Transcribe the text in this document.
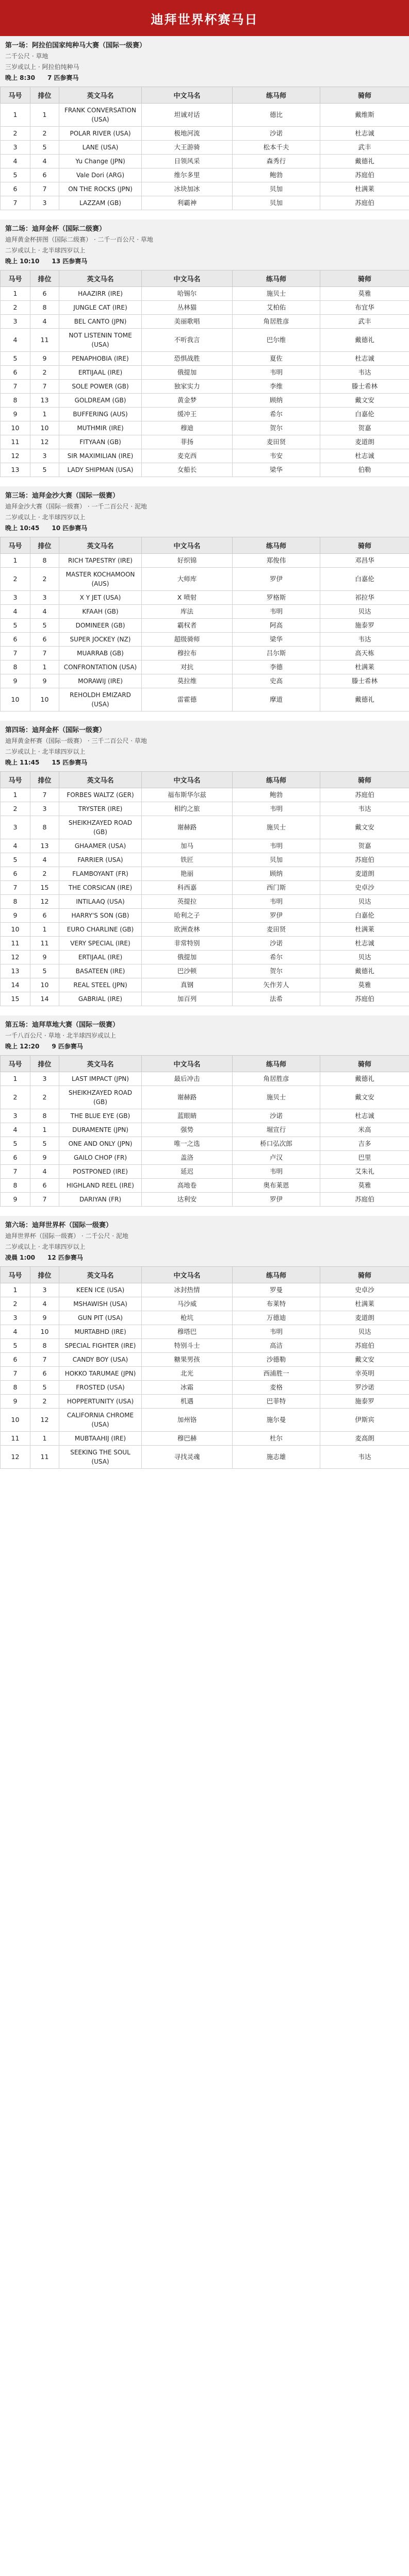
迪拜世界杯赛马日
第一场：阿拉伯国家纯种马大赛（国际一级赛）
二千公尺 · 草地
三岁或以上 · 阿拉伯纯种马
晚上 8:30 7 匹参赛马
马号	排位	英文马名	中文马名	练马师	骑师
1	1	FRANK CONVERSATION (USA)	坦诚对话	德比	戴维斯
2	2	POLAR RIVER (USA)	极地河流	沙诺	杜志诚
3	5	LANE (USA)	大王游骑	松本千夫	武丰
4	4	Yu Change (JPN)	日领风采	森秀行	戴德礼
5	6	Vale Dori (ARG)	维尔多里	鲍勃	苏庭伯
6	7	ON THE ROCKS (JPN)	冰块加冰	贝加	杜满莱
7	3	LAZZAM (GB)	利霸神	贝加	苏庭伯
第二场：迪拜金杯（国际二级赛）
迪拜黄金杯拼图（国际二级赛） · 二千一百公尺 · 草地
二岁或以上 · 北半球四岁以上
晚上 10:10 13 匹参赛马
马号	排位	英文马名	中文马名	练马师	骑师
1	6	HAAZIRR (IRE)	哈锡尔	施贝士	莫雅
2	8	JUNGLE CAT (IRE)	丛林猫	艾柏佑	布宜华
3	4	BEL CANTO (JPN)	美丽歌唱	角居胜彦	武丰
4	11	NOT LISTENIN TOME (USA)	不听我言	巴尔维	戴德礼
5	9	PENAPHOBIA (IRE)	恐惧战胜	夏佐	杜志诚
6	2	ERTIJAAL (IRE)	俄提加	韦明	韦达
7	7	SOLE POWER (GB)	独家实力	李维	滕士希林
8	13	GOLDREAM (GB)	黄金梦	顾纳	戴文安
9	1	BUFFERING (AUS)	缓冲王	希尔	白嘉伦
10	10	MUTHMIR (IRE)	穆迪	贺尔	贺嘉
11	12	FITYAAN (GB)	菲扬	麦田贤	麦道朗
12	3	SIR MAXIMILIAN (IRE)	麦克西	韦安	杜志诚
13	5	LADY SHIPMAN (USA)	女船长	梁华	伯勒
第三场：迪拜金沙大赛（国际一级赛）
迪拜金沙大赛（国际一级赛） · 一千二百公尺 · 泥地
二岁或以上 · 北半球四岁以上
晚上 10:45 10 匹参赛马
马号	排位	英文马名	中文马名	练马师	骑师
1	8	RICH TAPESTRY (IRE)	好织锦	郑俊伟	邓昌华
2	2	MASTER KOCHAMOON (AUS)	大师库	罗伊	白嘉伦
3	3	X Y JET (USA)	X 喷射	罗格斯	祁拉华
4	4	KFAAH (GB)	库法	韦明	贝达
5	5	DOMINEER (GB)	霸权者	阿高	施泰罗
6	6	SUPER JOCKEY (NZ)	超级骑师	梁华	韦达
7	7	MUARRAB (GB)	穆拉布	吕尔斯	高天栋
8	1	CONFRONTATION (USA)	对抗	李德	杜满莱
9	9	MORAWIJ (IRE)	莫拉维	史高	滕士希林
10	10	REHOLDH EMIZARD (USA)	雷霍德	摩道	戴德礼
第四场：迪拜金杯（国际一级赛）
迪拜黄金杯赛（国际一级赛） · 三千二百公尺 · 草地
二岁或以上 · 北半球四岁以上
晚上 11:45 15 匹参赛马
马号	排位	英文马名	中文马名	练马师	骑师
1	7	FORBES WALTZ (GER)	福布斯华尔兹	鲍勃	苏庭伯
2	3	TRYSTER (IRE)	相约之旅	韦明	韦达
3	8	SHEIKHZAYED ROAD (GB)	谢赫路	施贝士	戴文安
4	13	GHAAMER (USA)	加马	韦明	贺嘉
5	4	FARRIER (USA)	铁匠	贝加	苏庭伯
6	2	FLAMBOYANT (FR)	艳丽	顾纳	麦道朗
7	15	THE CORSICAN (IRE)	科西嘉	西门斯	史卓沙
8	12	INTILAAQ (USA)	英提拉	韦明	贝达
9	6	HARRY'S SON (GB)	哈利之子	罗伊	白嘉伦
10	1	EURO CHARLINE (GB)	欧洲查林	麦田贤	杜满莱
11	11	VERY SPECIAL (IRE)	非常特别	沙诺	杜志诚
12	9	ERTIJAAL (IRE)	俄提加	希尔	贝达
13	5	BASATEEN (IRE)	巴沙顿	贺尔	戴德礼
14	10	REAL STEEL (JPN)	真钢	矢作芳人	莫雅
15	14	GABRIAL (IRE)	加百列	法希	苏庭伯
第五场：迪拜草地大赛（国际一级赛）
一千八百公尺 · 草地 · 北半球四岁或以上
晚上 12:20 9 匹参赛马
马号	排位	英文马名	中文马名	练马师	骑师
1	3	LAST IMPACT (JPN)	最后冲击	角居胜彦	戴德礼
2	2	SHEIKHZAYED ROAD (GB)	谢赫路	施贝士	戴文安
3	8	THE BLUE EYE (GB)	蓝眼睛	沙诺	杜志诚
4	1	DURAMENTE (JPN)	强势	堀宣行	米高
5	5	ONE AND ONLY (JPN)	唯一之选	桥口弘次郎	吉多
6	9	GAILO CHOP (FR)	盖洛	卢汉	巴里
7	4	POSTPONED (IRE)	延迟	韦明	艾朱礼
8	6	HIGHLAND REEL (IRE)	高地卷	奥布莱恩	莫雅
9	7	DARIYAN (FR)	达利安	罗伊	苏庭伯
第六场：迪拜世界杯（国际一级赛）
迪拜世界杯（国际一级赛） · 二千公尺 · 泥地
二岁或以上 · 北半球四岁以上
凌晨 1:00 12 匹参赛马
马号	排位	英文马名	中文马名	练马师	骑师
1	3	KEEN ICE (USA)	冰封热情	罗曼	史卓沙
2	4	MSHAWISH (USA)	马沙威	布莱特	杜满莱
3	9	GUN PIT (USA)	枪坑	万德迪	麦道朗
4	10	MURTABHD (IRE)	穆塔巴	韦明	贝达
5	8	SPECIAL FIGHTER (IRE)	特别斗士	高洁	苏庭伯
6	7	CANDY BOY (USA)	糖果男孩	沙德勒	戴文安
7	6	HOKKO TARUMAE (JPN)	北光	西浦胜一	幸英明
8	5	FROSTED (USA)	冰霜	麦格	罗沙诺
9	2	HOPPERTUNITY (USA)	机遇	巴菲特	施泰罗
10	12	CALIFORNIA CHROME (USA)	加州铬	施尔曼	伊斯宾
11	1	MUBTAAHIJ (IRE)	穆巴赫	杜尔	麦高朗
12	11	SEEKING THE SOUL (USA)	寻找灵魂	施志雄	韦达
